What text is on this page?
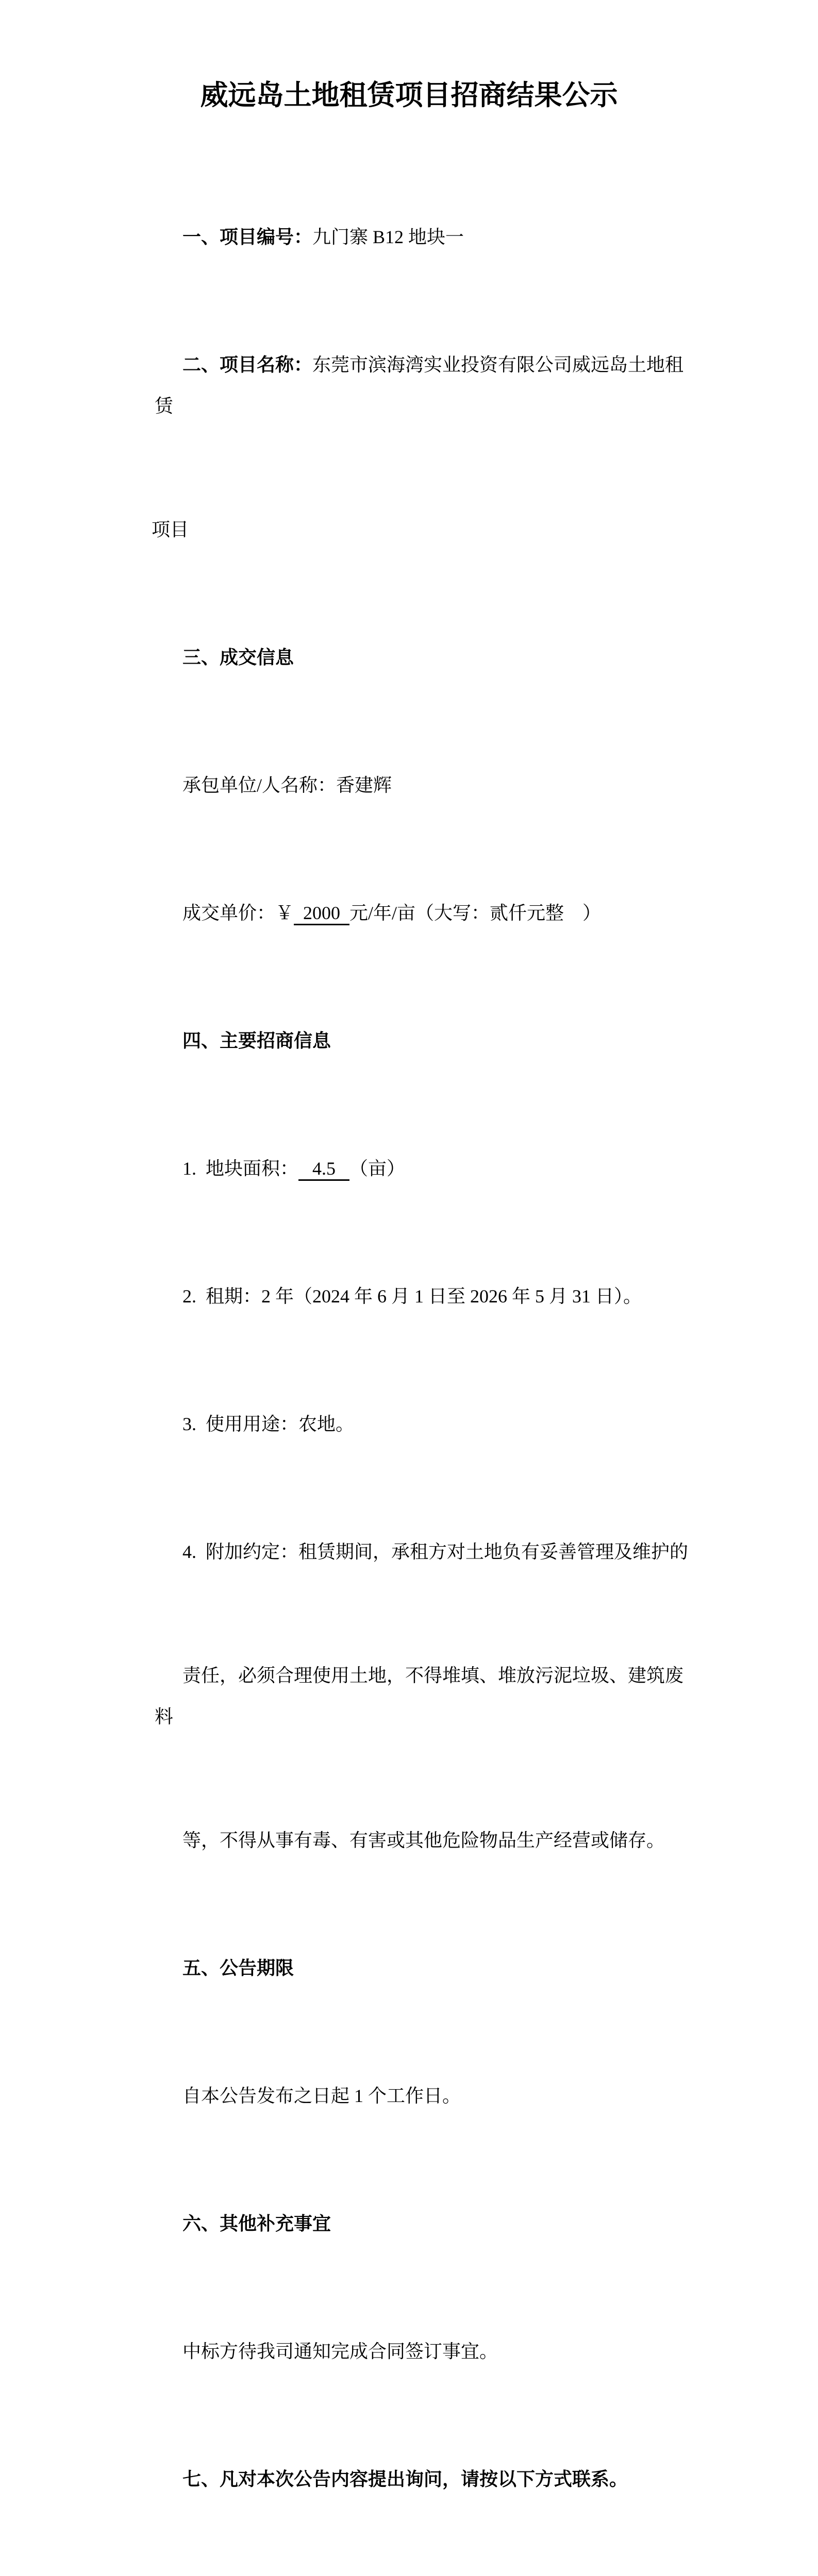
威远岛土地租赁项目招商结果公示

一、项目编号：九门寨 B12 地块一

二、项目名称：东莞市滨海湾实业投资有限公司威远岛土地租赁

项目

三、成交信息

承包单位/人名称：香建辉

成交单价：￥  2000  元/年/亩（大写：贰仟元整　）

四、主要招商信息

1.  地块面积：   4.5   （亩）

2.  租期：2 年（2024 年 6 月 1 日至 2026 年 5 月 31 日）。

3.  使用用途：农地。

4.  附加约定：租赁期间，承租方对土地负有妥善管理及维护的

责任，必须合理使用土地，不得堆填、堆放污泥垃圾、建筑废料

等，不得从事有毒、有害或其他危险物品生产经营或储存。

五、公告期限

自本公告发布之日起 1 个工作日。

六、其他补充事宜

中标方待我司通知完成合同签订事宜。

七、凡对本次公告内容提出询问，请按以下方式联系。
